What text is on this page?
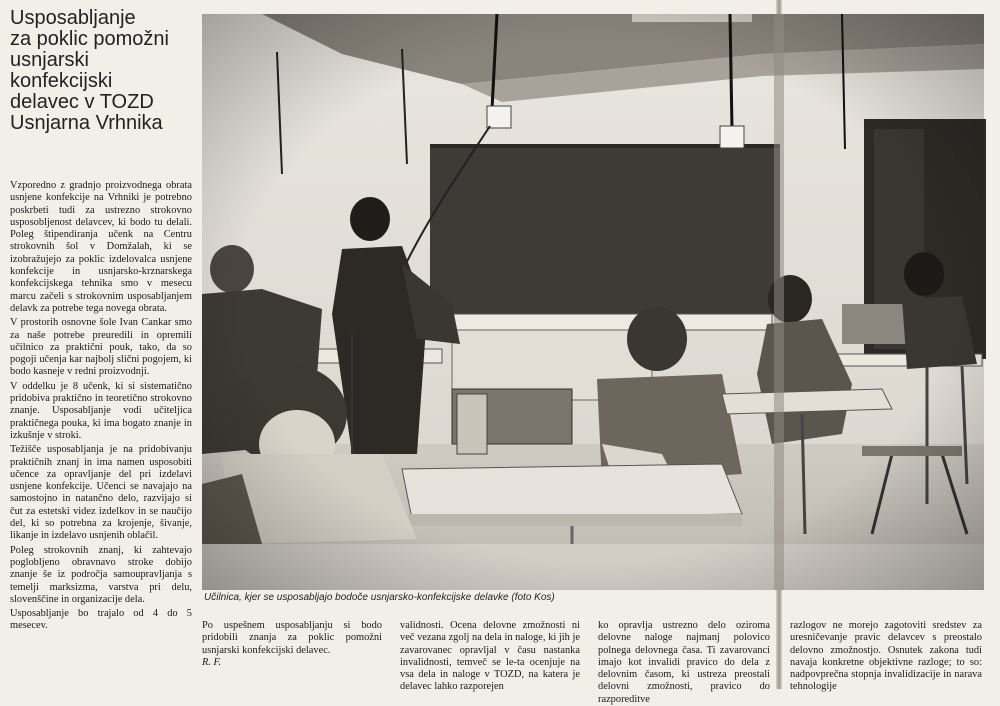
Usposabljanje
za poklic pomožni
usnjarski
konfekcijski
delavec v TOZD
Usnjarna Vrhnika

Vzporedno z gradnjo proizvodnega obrata usnjene konfekcije na Vrhniki je potrebno poskrbeti tudi za ustrezno strokovno usposobljenost delavcev, ki bodo tu delali. Poleg štipendiranja učenk na Centru strokovnih šol v Domžalah, ki se izobražujejo za poklic izdelovalca usnjene konfekcije in usnjarsko-krznarskega konfekcijskega tehnika smo v mesecu marcu začeli s strokovnim usposabljanjem delavk za potrebe tega novega obrata.

V prostorih osnovne šole Ivan Cankar smo za naše potrebe preuredili in opremili učilnico za praktični pouk, tako, da so pogoji učenja kar najbolj slični pogojem, ki bodo kasneje v redni proizvodnji.

V oddelku je 8 učenk, ki si sistematično pridobiva praktično in teoretično strokovno znanje. Usposabljanje vodi učiteljica praktičnega pouka, ki ima bogato znanje in izkušnje v stroki.

Težišče usposabljanja je na pridobivanju praktičnih znanj in ima namen usposobiti učence za opravljanje del pri izdelavi usnjene konfekcije. Učenci se navajajo na samostojno in natančno delo, razvijajo si čut za estetski videz izdelkov in se naučijo del, ki so potrebna za krojenje, šivanje, likanje in izdelavo usnjenih oblačil.

Poleg strokovnih znanj, ki zahtevajo poglobljeno obravnavo stroke dobijo znanje še iz področja samoupravljanja s temelji marksizma, varstva pri delu, slovenščine in organizacije dela.

Usposabljanje bo trajalo od 4 do 5 mesecev.

Učilnica, kjer se usposabljajo bodoče usnjarsko-konfekcijske delavke (foto Kos)

Po uspešnem usposabljanju si bodo pridobili znanja za poklic pomožni usnjarski konfekcijski delavec.

R. F.

validnosti. Ocena delovne zmožnosti ni več vezana zgolj na dela in naloge, ki jih je zavarovanec opravljal v času nastanka invalidnosti, temveč se le-ta ocenjuje na vsa dela in naloge v TOZD, na katera je delavec lahko razporejen

ko opravlja ustrezno delo oziroma delovne naloge najmanj polovico polnega delovnega časa. Ti zavarovanci imajo kot invalidi pravico do dela z delovnim časom, ki ustreza preostali delovni zmožnosti, pravico do razporeditve

razlogov ne morejo zagotoviti sredstev za uresničevanje pravic delavcev s preostalo delovno zmožnostjo. Osnutek zakona tudi navaja konkretne objektivne razloge; to so: nadpovprečna stopnja invalidizacije in narava tehnologije
